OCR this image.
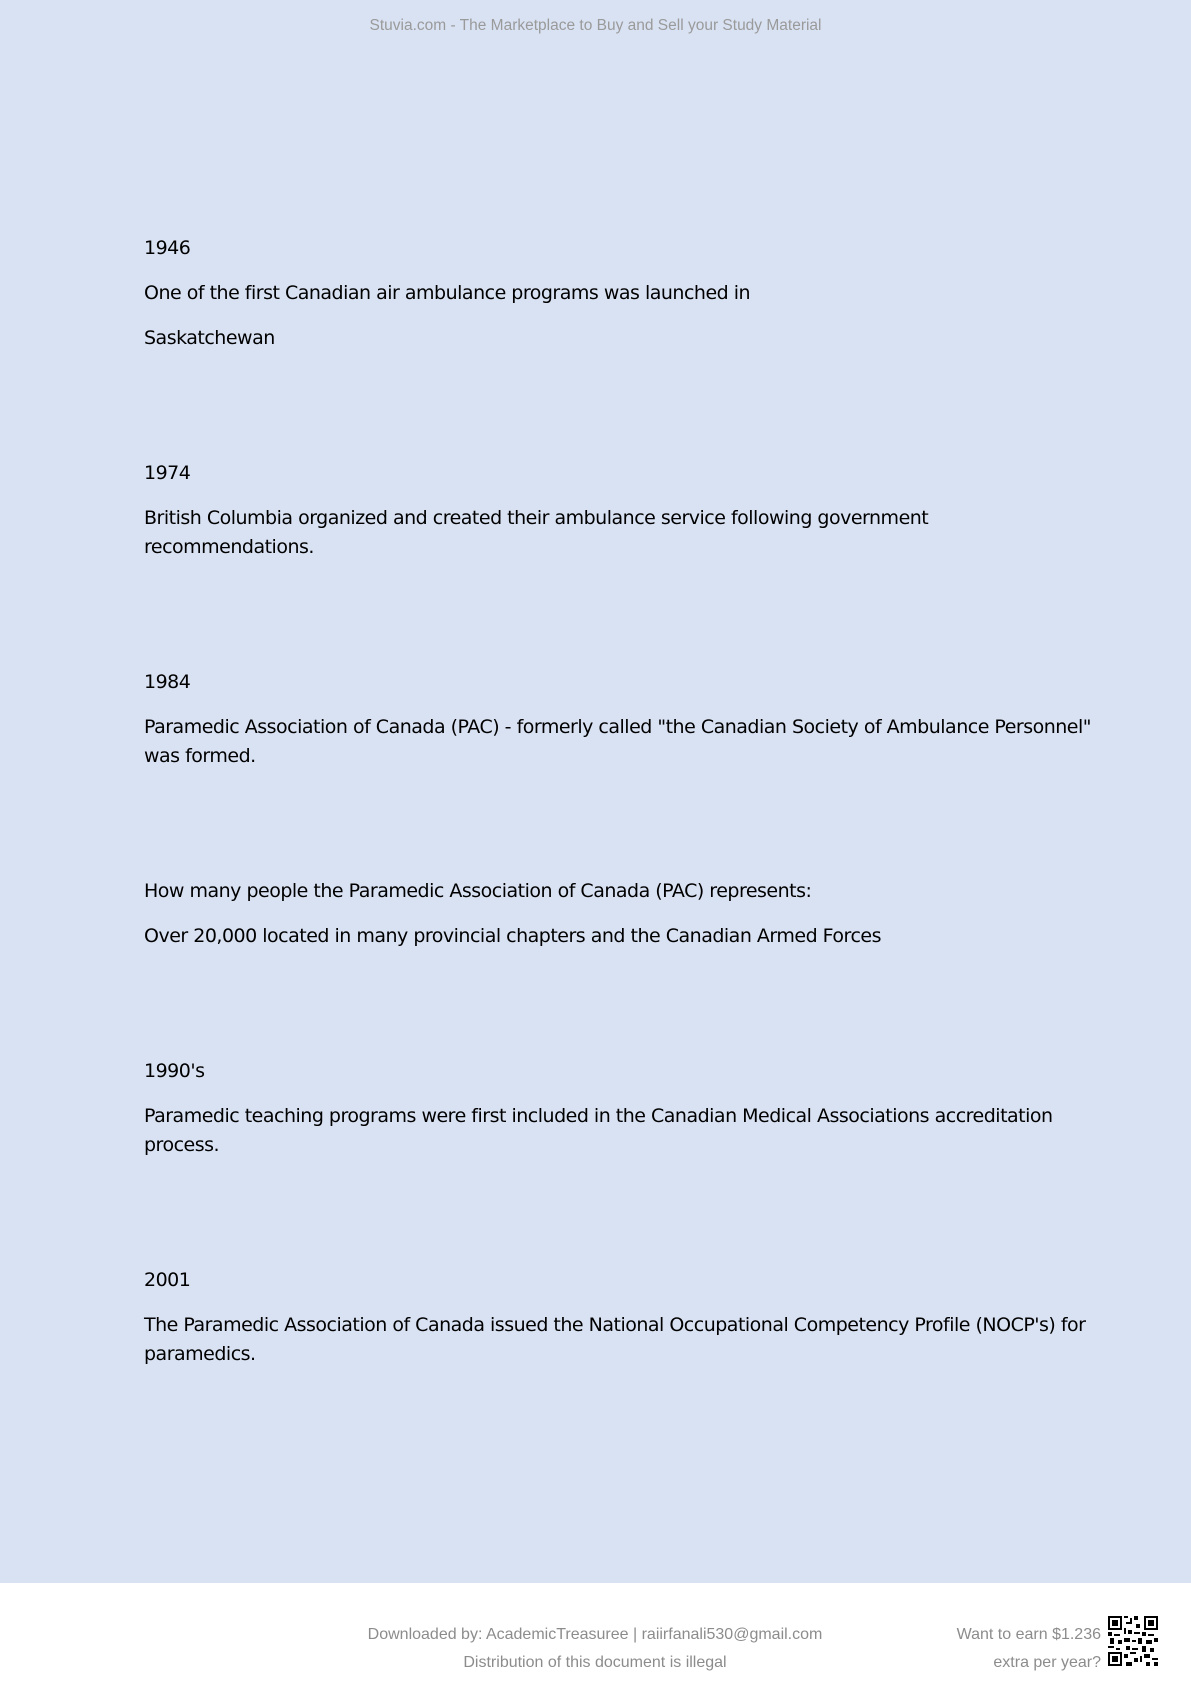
Stuvia.com - The Marketplace to Buy and Sell your Study Material
1946
One of the first Canadian air ambulance programs was launched in
Saskatchewan
1974
British Columbia organized and created their ambulance service following government
recommendations.
1984
Paramedic Association of Canada (PAC) - formerly called "the Canadian Society of Ambulance Personnel"
was formed.
How many people the Paramedic Association of Canada (PAC) represents:
Over 20,000 located in many provincial chapters and the Canadian Armed Forces
1990's
Paramedic teaching programs were first included in the Canadian Medical Associations accreditation
process.
2001
The Paramedic Association of Canada issued the National Occupational Competency Profile (NOCP's) for
paramedics.
Downloaded by: AcademicTreasuree | raiirfanali530@gmail.com
Distribution of this document is illegal
Want to earn $1.236
extra per year?
